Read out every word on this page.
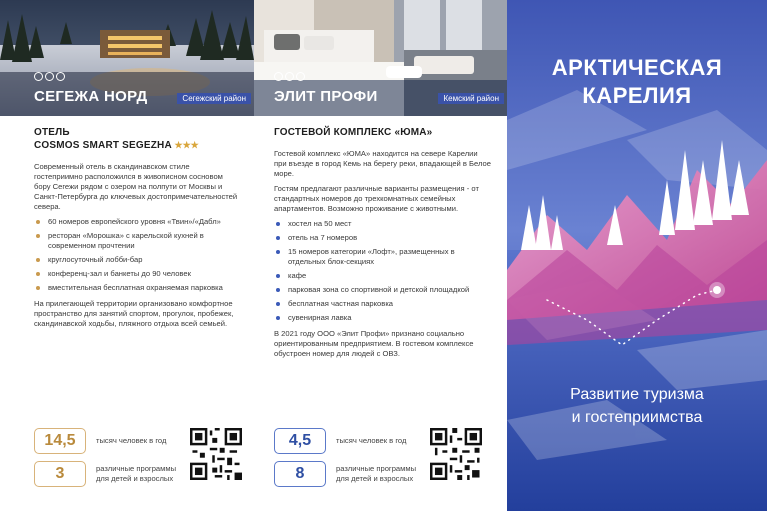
СЕГЕЖА НОРД	Сегежский район
ОТЕЛЬ
COSMOS SMART SEGEZHA ★★★

Современный отель в скандинавском стиле гостеприимно расположился в живописном сосновом бору Сегежи рядом с озером на полпути от Москвы и Санкт-Петербурга до ключевых достопримечательностей севера.

60 номеров европейского уровня «Твин»/«Дабл»
ресторан «Морошка» с карельской кухней в современном прочтении
круглосуточный лобби-бар
конференц-зал и банкеты до 90 человек
вместительная бесплатная охраняемая парковка

На прилегающей территории организовано комфортное пространство для занятий спортом, прогулок, пробежек, скандинавской ходьбы, пляжного отдыха всей семьей.

14,5	тысяч человек в год
3	различные программы для детей и взрослых
ЭЛИТ ПРОФИ	Кемский район
ГОСТЕВОЙ КОМПЛЕКС «ЮМА»

Гостевой комплекс «ЮМА» находится на севере Карелии при въезде в город Кемь на берегу реки, впадающей в Белое море.

Гостям предлагают различные варианты размещения - от стандартных номеров до трехкомнатных семейных апартаментов. Возможно проживание с животными.

хостел на 50 мест
отель на 7 номеров
15 номеров категории «Лофт», размещенных в отдельных блок-секциях
кафе
парковая зона со спортивной и детской площадкой
бесплатная частная парковка
сувенирная лавка

В 2021 году ООО «Элит Профи» признано социально ориентированным предприятием. В гостевом комплексе обустроен номер для людей с ОВЗ.

4,5	тысяч человек в год
8	различные программы для детей и взрослых
АРКТИЧЕСКАЯ
КАРЕЛИЯ
Развитие туризма
и гостеприимства
